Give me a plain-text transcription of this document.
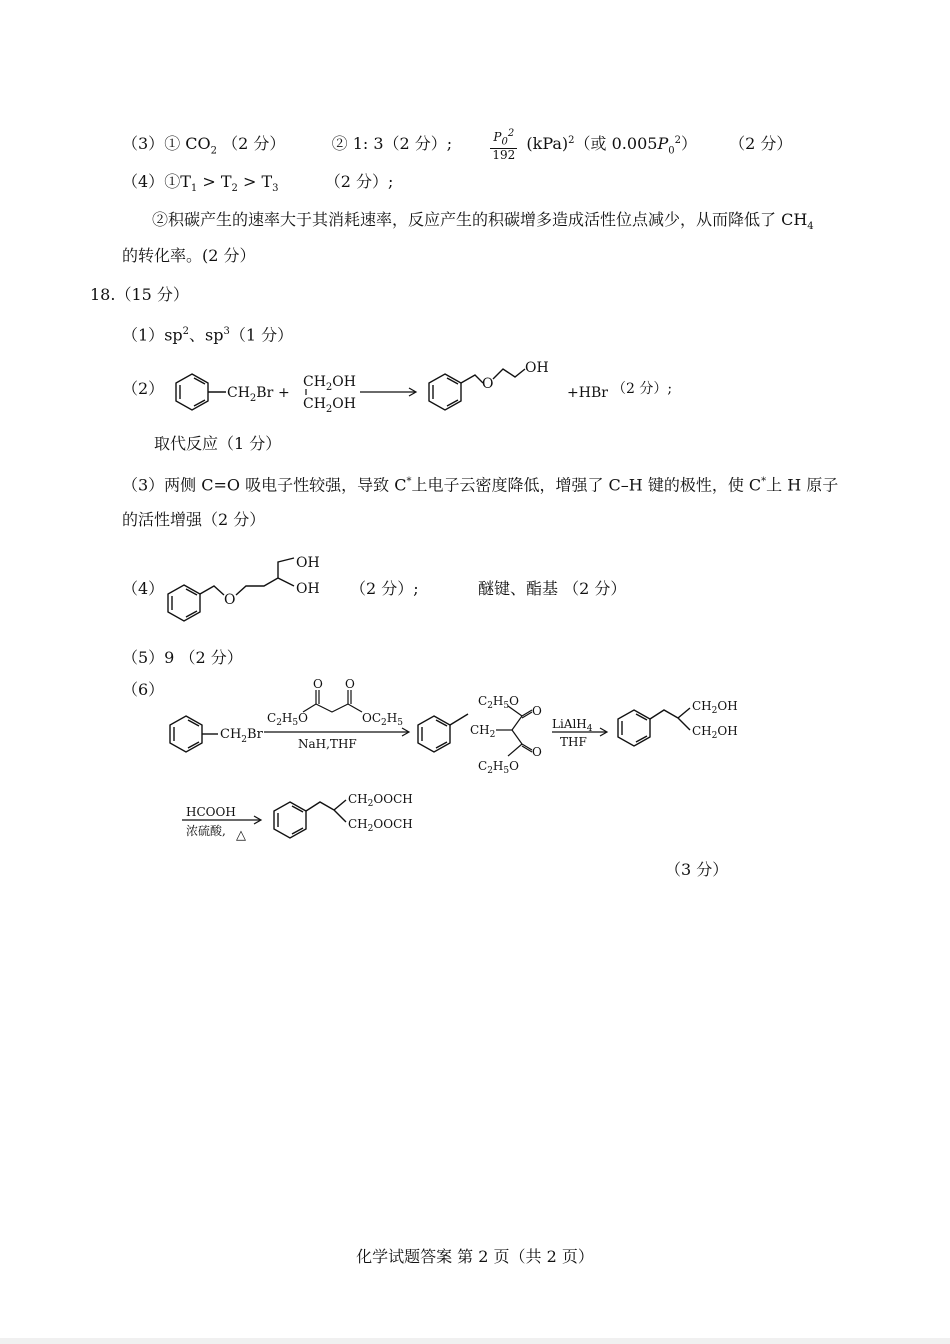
（3）① $CO_2$ （2 分）	② 1: 3（2 分）;	$\frac{P_0^2}{192} (kPa)^2$（或 $0.005P_0^2$） （2 分）
$(4)①T_1 > T_2 > T_3$	（2 分）;
②积碳产生的速率大于其消耗速率，反应产生的积碳增多造成活性位点减少，从而降低了 $CH_4$
的转化率。(2 分）
18.（15 分）
$(1)sp^2$、$sp^3(1$ 分）
（2）	$CH_2Br$ +
$CH_2OH$
$CH_2OH$
O
OH
+HBr （2 分）;
取代反应（1 分）
（3）两侧 C=O 吸电子性较强，导致 C*上电子云密度降低，增强了 C–H 键的极性，使 C*上 H 原子
的活性增强（2 分）
（4）
O
OH
OH （2 分）;	醚键、酯基 （2 分）
（5）9 （2 分）
（6）
$CH_2Br$
O O
$C_2H_5O$	$OC_2H_5$
NaH,THF
$C_2H_5O$
$CH_2$
O
O
$C_2H_5O$
LiAlH$_4$
THF
$CH_2OH$
$CH_2OH$
HCOOH
浓硫酸, △
$CH_2OOCH$
$CH_2OOCH$
（3 分）
化学试题答案 第 2 页（共 2 页）
